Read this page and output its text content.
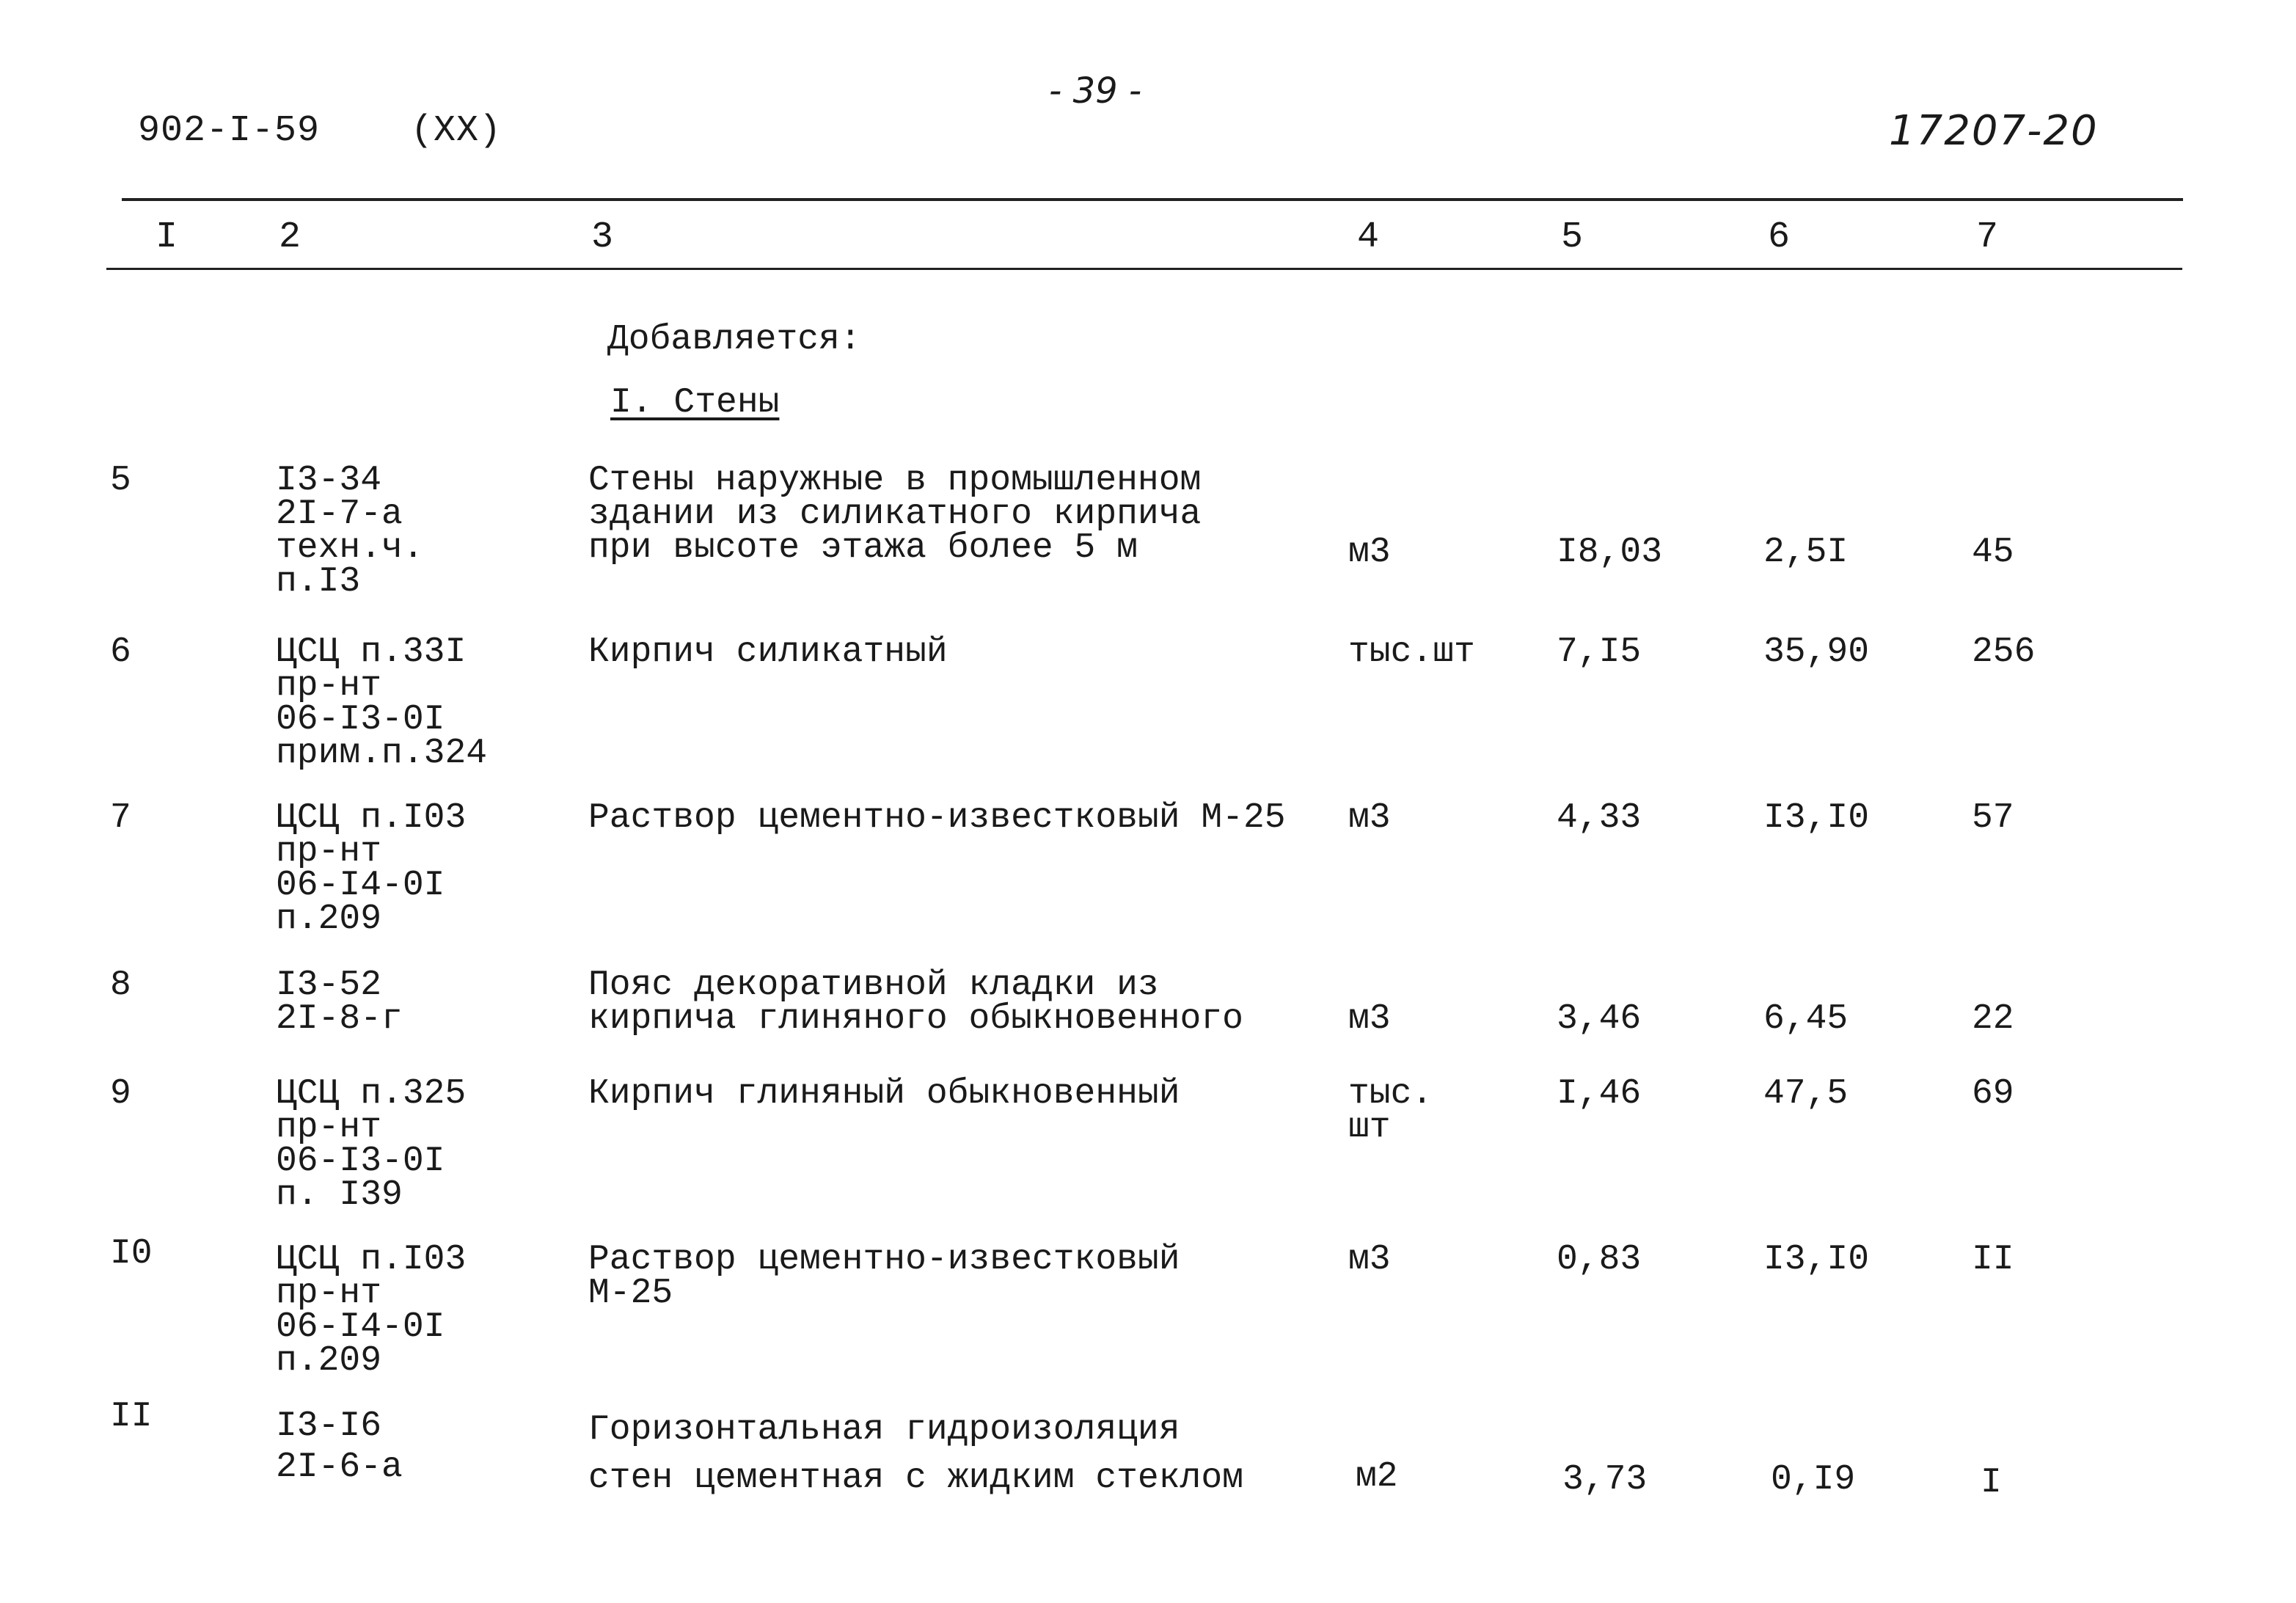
902-I-59 (XX)
- 39 -
17207-20
I	2	3	4	5	6	7
Добавляется:
I. Стены
5	I3-34
2I-7-а
техн.ч.
п.I3
Стены наружные в промышленном
здании из силикатного кирпича
при высоте этажа более 5 м	м3	I8,03	2,5I	45
6	ЦСЦ п.33I
пр-нт
06-I3-0I
прим.п.324
Кирпич силикатный	тыс.шт 7,I5	35,90	256
7	ЦСЦ п.I03
пр-нт
06-I4-0I
п.209
Раствор цементно-известковый М-25 м3	4,33	I3,I0	57
8	I3-52
2I-8-г
Пояс декоративной кладки из
кирпича глиняного обыкновенного	м3	3,46	6,45	22
9	ЦСЦ п.325
пр-нт
06-I3-0I
п. I39
Кирпич глиняный обыкновенный	тыс.
шт
I,46	47,5	69
I0	ЦСЦ п.I03
пр-нт
06-I4-0I
п.209
Раствор цементно-известковый
М-25
м3	0,83	I3,I0	II
II	I3-I6
2I-6-а
Горизонтальная гидроизоляция
стен цементная с жидким стеклом	м2	3,73	0,I9	I
